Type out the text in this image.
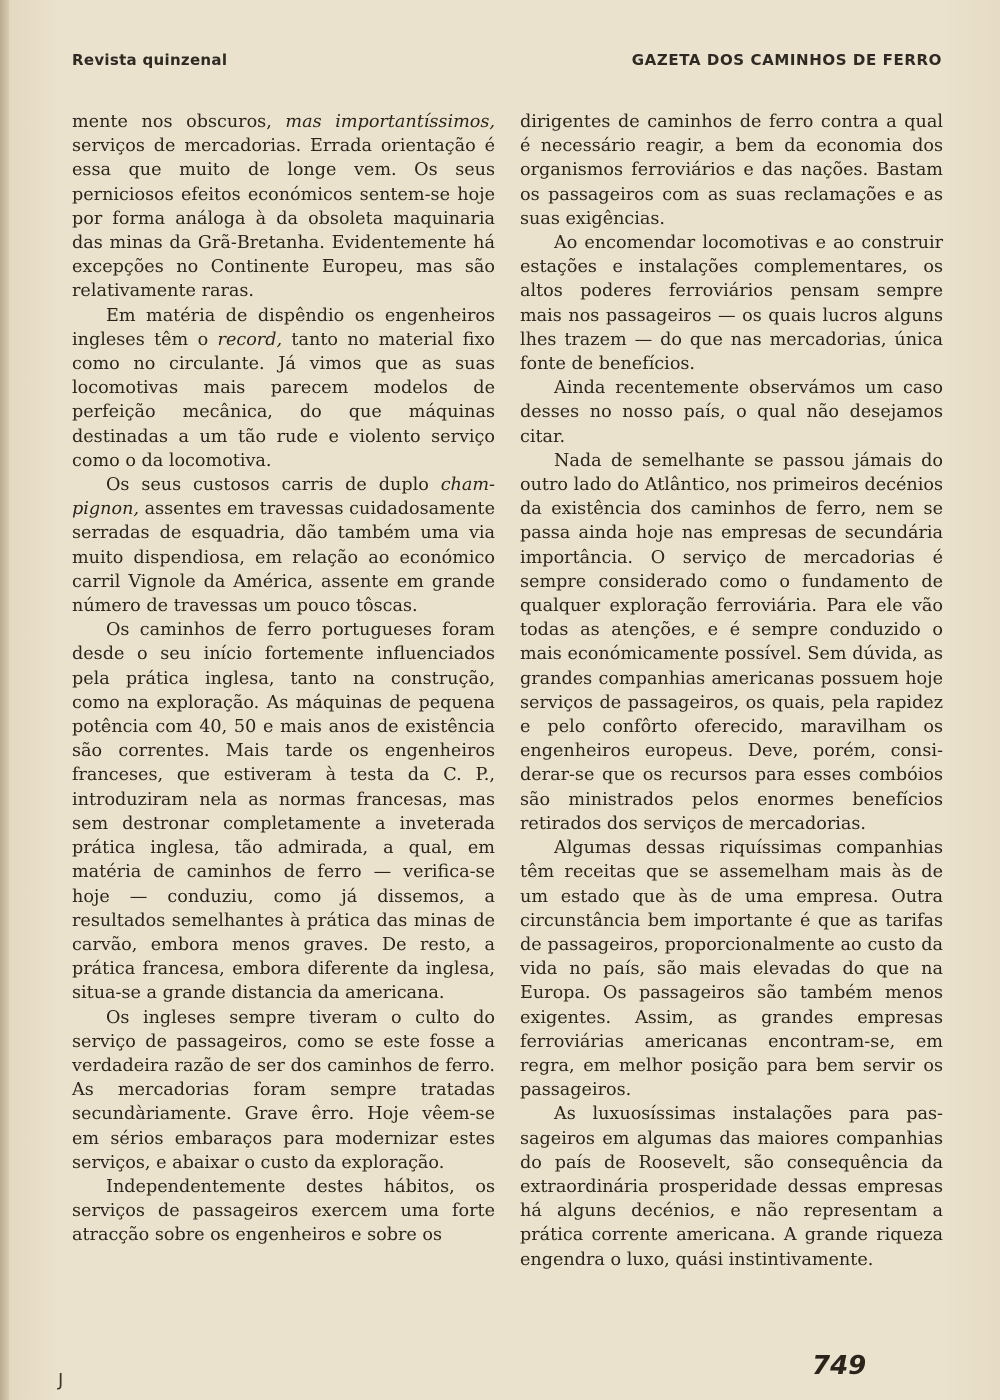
Revista quinzenal	GAZETA DOS CAMINHOS DE FERRO

mente nos obscuros, mas importantíssimos, serviços de mercadorias. Errada orientação é essa que muito de longe vem. Os seus perniciosos efeitos económicos sentem-se hoje por forma análoga à da obsoleta maquinaria das minas da Grã-Bretanha. Evidentemente há excepções no Continente Europeu, mas são relativamente raras.

Em matéria de dispêndio os engenheiros ingleses têm o record, tanto no material fixo como no circulante. Já vimos que as suas locomotivas mais parecem modelos de perfeição mecânica, do que máquinas destinadas a um tão rude e violento serviço como o da locomotiva.

Os seus custosos carris de duplo champignon, assentes em travessas cuidadosamente serradas de esquadria, dão também uma via muito dispendiosa, em relação ao económico carril Vignole da América, assente em grande número de travessas um pouco tôscas.

Os caminhos de ferro portugueses foram desde o seu início fortemente influenciados pela prática inglesa, tanto na construção, como na exploração. As máquinas de pequena potência com 40, 50 e mais anos de existência são correntes. Mais tarde os engenheiros franceses, que estiveram à testa da C. P., introduziram nela as normas francesas, mas sem destronar completamente a inveterada prática inglesa, tão admirada, a qual, em matéria de caminhos de ferro — verifica-se hoje — conduziu, como já dissemos, a resultados semelhantes à prática das minas de carvão, embora menos graves. De resto, a prática francesa, embora diferente da inglesa, situa-se a grande distancia da americana.

Os ingleses sempre tiveram o culto do serviço de passageiros, como se este fosse a verdadeira razão de ser dos caminhos de ferro. As mercadorias foram sempre tratadas secundàriamente. Grave êrro. Hoje vêem-se em sérios embaraços para modernizar estes serviços, e abaixar o custo da exploração.

Independentemente destes hábitos, os serviços de passageiros exercem uma forte atracção sobre os engenheiros e sobre os

dirigentes de caminhos de ferro contra a qual é necessário reagir, a bem da economia dos organismos ferroviários e das nações. Bastam os passageiros com as suas reclamações e as suas exigências.

Ao encomendar locomotivas e ao construir estações e instalações complementares, os altos poderes ferroviários pensam sempre mais nos passageiros — os quais lucros alguns lhes trazem — do que nas mercadorias, única fonte de benefícios.

Ainda recentemente observámos um caso desses no nosso país, o qual não desejamos citar.

Nada de semelhante se passou jámais do outro lado do Atlântico, nos primeiros decénios da existência dos caminhos de ferro, nem se passa ainda hoje nas empresas de secundária importância. O serviço de mercadorias é sempre considerado como o fundamento de qualquer exploração ferroviária. Para ele vão todas as atenções, e é sempre conduzido o mais económicamente possível. Sem dúvida, as grandes companhias americanas possuem hoje serviços de passageiros, os quais, pela rapidez e pelo confôrto oferecido, maravilham os engenheiros europeus. Deve, porém, considerar-se que os recursos para esses combóios são ministrados pelos enormes benefícios retirados dos serviços de mercadorias.

Algumas dessas riquíssimas companhias têm receitas que se assemelham mais às de um estado que às de uma empresa. Outra circunstância bem importante é que as tarifas de passageiros, proporcionalmente ao custo da vida no país, são mais elevadas do que na Europa. Os passageiros são também menos exigentes. Assim, as grandes empresas ferroviárias americanas encontram-se, em regra, em melhor posição para bem servir os passageiros.

As luxuosíssimas instalações para passageiros em algumas das maiores companhias do país de Roosevelt, são consequência da extraordinária prosperidade dessas empresas há alguns decénios, e não representam a prática corrente americana. A grande riqueza engendra o luxo, quási instintivamente.

749
J
